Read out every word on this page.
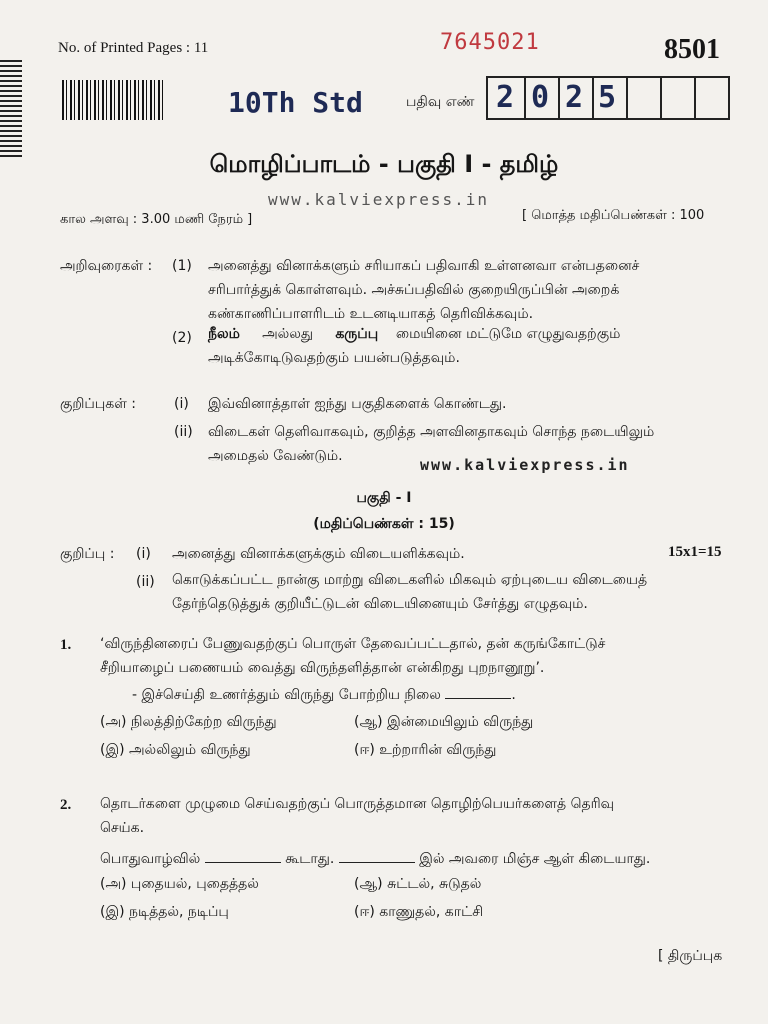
No. of Printed Pages : 11	7645021	8501
10Th Std	பதிவு எண் 2 0 2 5
மொழிப்பாடம் - பகுதி I - தமிழ்
www.kalviexpress.in
கால அளவு : 3.00 மணி நேரம் ]	[ மொத்த மதிப்பெண்கள் : 100
அறிவுரைகள் : (1) அனைத்து வினாக்களும் சரியாகப் பதிவாகி உள்ளனவா என்பதனைச்
சரிபார்த்துக் கொள்ளவும். அச்சுப்பதிவில் குறையிருப்பின் அறைக்
கண்காணிப்பாளரிடம் உடனடியாகத் தெரிவிக்கவும்.
(2) நீலம் அல்லது கருப்பு மையினை மட்டுமே எழுதுவதற்கும்
அடிக்கோடிடுவதற்கும் பயன்படுத்தவும்.
குறிப்புகள் :	(i) இவ்வினாத்தாள் ஐந்து பகுதிகளைக் கொண்டது.
(ii) விடைகள் தெளிவாகவும், குறித்த அளவினதாகவும் சொந்த நடையிலும்
அமைதல் வேண்டும்.	www.kalviexpress.in
பகுதி - I
(மதிப்பெண்கள் : 15)
குறிப்பு : (i) அனைத்து வினாக்களுக்கும் விடையளிக்கவும்.	15x1=15
(ii) கொடுக்கப்பட்ட நான்கு மாற்று விடைகளில் மிகவும் ஏற்புடைய விடையைத்
தேர்ந்தெடுத்துக் குறியீட்டுடன் விடையினையும் சேர்த்து எழுதவும்.
1. ‘விருந்தினரைப் பேணுவதற்குப் பொருள் தேவைப்பட்டதால், தன் கருங்கோட்டுச்
சீறியாழைப் பணையம் வைத்து விருந்தளித்தான் என்கிறது புறநானூறு’.
- இச்செய்தி உணர்த்தும் விருந்து போற்றிய நிலை	.
(அ) நிலத்திற்கேற்ற விருந்து	(ஆ) இன்மையிலும் விருந்து
(இ) அல்லிலும் விருந்து	(ஈ) உற்றாரின் விருந்து
2. தொடர்களை முழுமை செய்வதற்குப் பொருத்தமான தொழிற்பெயர்களைத் தெரிவு
செய்க.
பொதுவாழ்வில்	கூடாது.	இல் அவரை மிஞ்ச ஆள் கிடையாது.
(அ) புதையல், புதைத்தல்	(ஆ) சுட்டல், சுடுதல்
(இ) நடித்தல், நடிப்பு	(ஈ) காணுதல், காட்சி
[ திருப்புக
